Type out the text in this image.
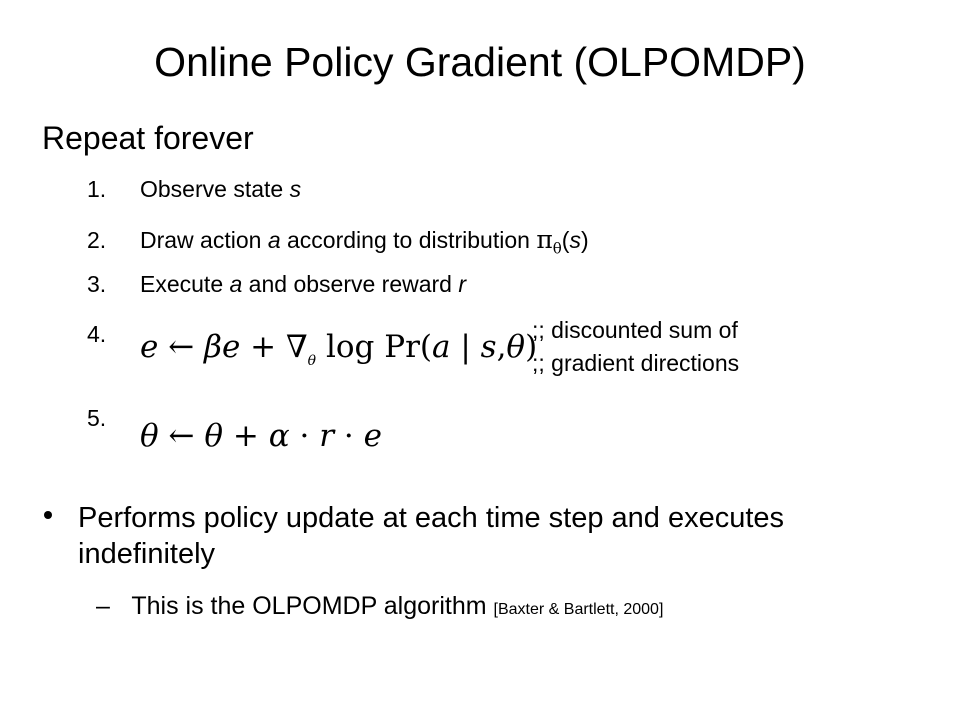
Online Policy Gradient (OLPOMDP)
Repeat forever
1. Observe state s
2. Draw action a according to distribution $\pi_\theta(s)$
3. Execute a and observe reward r
4. e ← $\beta e + \nabla_\theta$ log Pr(a | s,θ)
;; discounted sum of
;; gradient directions
5. θ ← θ + α · r · e
Performs policy update at each time step and executes indefinitely
– This is the OLPOMDP algorithm [Baxter & Bartlett, 2000]
